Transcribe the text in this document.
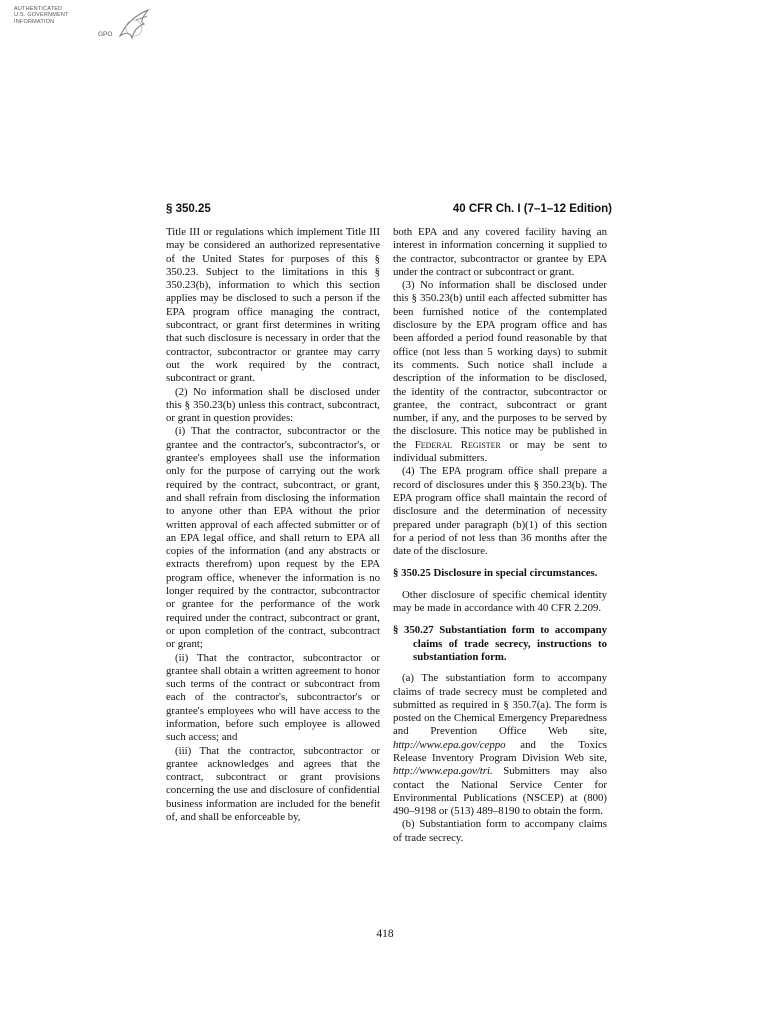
AUTHENTICATED
U.S. GOVERNMENT
INFORMATION
GPO
§ 350.25	40 CFR Ch. I (7–1–12 Edition)

Title III or regulations which implement Title III may be considered an authorized representative of the United States for purposes of this § 350.23. Subject to the limitations in this § 350.23(b), information to which this section applies may be disclosed to such a person if the EPA program office managing the contract, subcontract, or grant first determines in writing that such disclosure is necessary in order that the contractor, subcontractor or grantee may carry out the work required by the contract, subcontract or grant.

(2) No information shall be disclosed under this § 350.23(b) unless this contract, subcontract, or grant in question provides:

(i) That the contractor, subcontractor or the grantee and the contractor's, subcontractor's, or grantee's employees shall use the information only for the purpose of carrying out the work required by the contract, subcontract, or grant, and shall refrain from disclosing the information to anyone other than EPA without the prior written approval of each affected submitter or of an EPA legal office, and shall return to EPA all copies of the information (and any abstracts or extracts therefrom) upon request by the EPA program office, whenever the information is no longer required by the contractor, subcontractor or grantee for the performance of the work required under the contract, subcontract or grant, or upon completion of the contract, subcontract or grant;

(ii) That the contractor, subcontractor or grantee shall obtain a written agreement to honor such terms of the contract or subcontract from each of the contractor's, subcontractor's or grantee's employees who will have access to the information, before such employee is allowed such access; and

(iii) That the contractor, subcontractor or grantee acknowledges and agrees that the contract, subcontract or grant provisions concerning the use and disclosure of confidential business information are included for the benefit of, and shall be enforceable by,

both EPA and any covered facility having an interest in information concerning it supplied to the contractor, subcontractor or grantee by EPA under the contract or subcontract or grant.

(3) No information shall be disclosed under this § 350.23(b) until each affected submitter has been furnished notice of the contemplated disclosure by the EPA program office and has been afforded a period found reasonable by that office (not less than 5 working days) to submit its comments. Such notice shall include a description of the information to be disclosed, the identity of the contractor, subcontractor or grantee, the contract, subcontract or grant number, if any, and the purposes to be served by the disclosure. This notice may be published in the Federal Register or may be sent to individual submitters.

(4) The EPA program office shall prepare a record of disclosures under this § 350.23(b). The EPA program office shall maintain the record of disclosure and the determination of necessity prepared under paragraph (b)(1) of this section for a period of not less than 36 months after the date of the disclosure.

§ 350.25 Disclosure in special circumstances.

Other disclosure of specific chemical identity may be made in accordance with 40 CFR 2.209.

§ 350.27 Substantiation form to accompany claims of trade secrecy, instructions to substantiation form.

(a) The substantiation form to accompany claims of trade secrecy must be completed and submitted as required in § 350.7(a). The form is posted on the Chemical Emergency Preparedness and Prevention Office Web site, http://www.epa.gov/ceppo and the Toxics Release Inventory Program Division Web site, http://www.epa.gov/tri. Submitters may also contact the National Service Center for Environmental Publications (NSCEP) at (800) 490–9198 or (513) 489–8190 to obtain the form.

(b) Substantiation form to accompany claims of trade secrecy.

418
